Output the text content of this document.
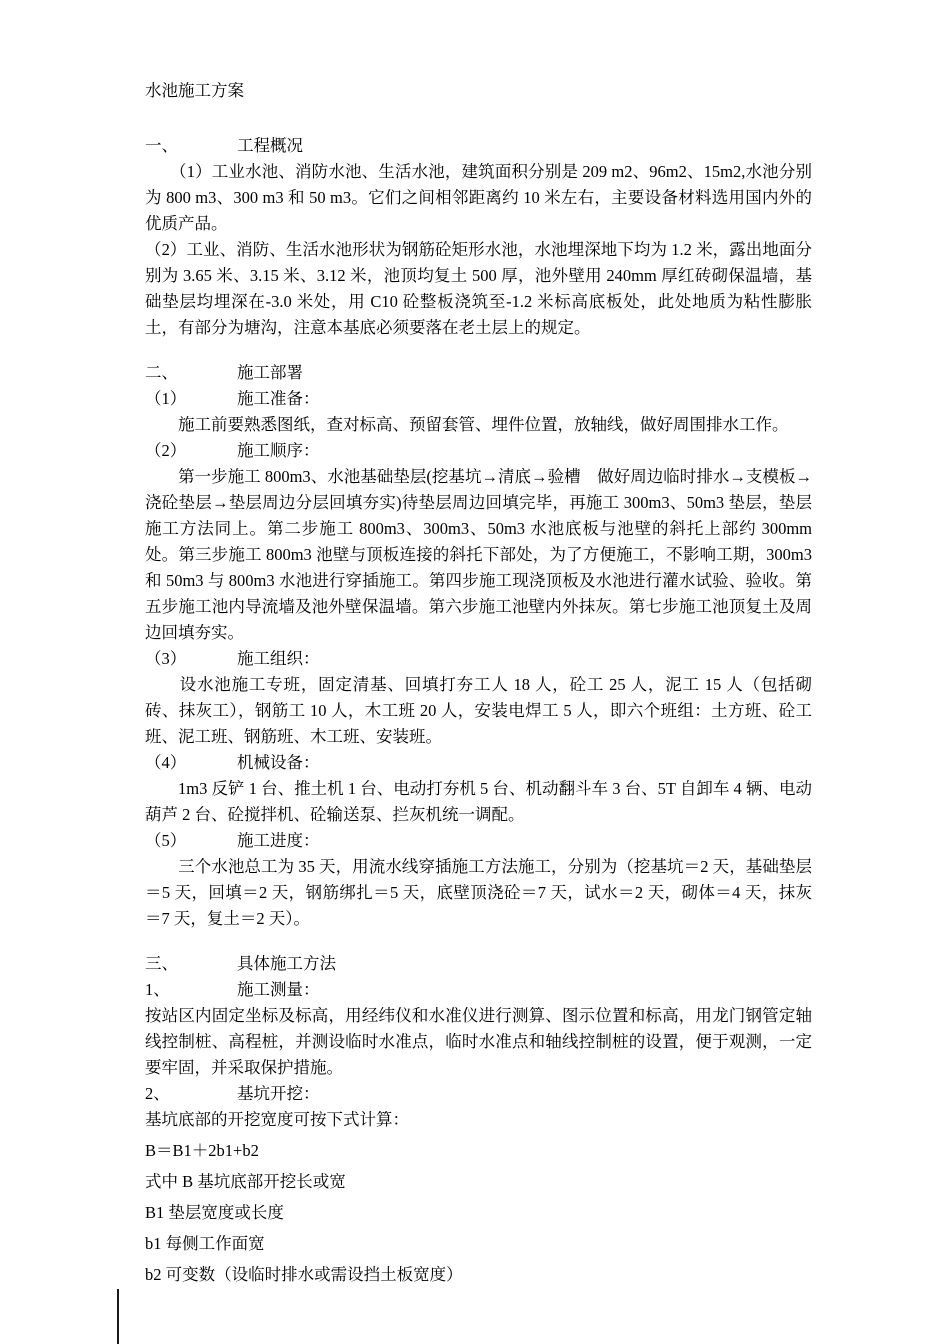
水池施工方案
一、	工程概况
　　（1）工业水池、消防水池、生活水池，建筑面积分别是 209 m2、96m2、15m2,水池分别为 800 m3、300 m3 和 50 m3。它们之间相邻距离约 10 米左右，主要设备材料选用国内外的优质产品。
（2）工业、消防、生活水池形状为钢筋砼矩形水池，水池埋深地下均为 1.2 米，露出地面分别为 3.65 米、3.15 米、3.12 米，池顶均复土 500 厚，池外壁用 240mm 厚红砖砌保温墙，基础垫层均埋深在-3.0 米处，用 C10 砼整板浇筑至-1.2 米标高底板处，此处地质为粘性膨胀土，有部分为塘沟，注意本基底必须要落在老土层上的规定。
二、	施工部署
（1）	施工准备：
　　施工前要熟悉图纸，查对标高、预留套管、埋件位置，放轴线，做好周围排水工作。
（2）	施工顺序：
　　第一步施工 800m3、水池基础垫层(挖基坑→清底→验槽　做好周边临时排水→支模板→浇砼垫层→垫层周边分层回填夯实)待垫层周边回填完毕，再施工 300m3、50m3 垫层，垫层施工方法同上。第二步施工 800m3、300m3、50m3 水池底板与池壁的斜托上部约 300mm 处。第三步施工 800m3 池壁与顶板连接的斜托下部处，为了方便施工，不影响工期，300m3 和 50m3 与 800m3 水池进行穿插施工。第四步施工现浇顶板及水池进行灌水试验、验收。第五步施工池内导流墙及池外壁保温墙。第六步施工池壁内外抹灰。第七步施工池顶复土及周边回填夯实。
（3）	施工组织：
　　设水池施工专班，固定清基、回填打夯工人 18 人，砼工 25 人，泥工 15 人（包括砌砖、抹灰工），钢筋工 10 人，木工班 20 人，安装电焊工 5 人，即六个班组：土方班、砼工班、泥工班、钢筋班、木工班、安装班。
（4）	机械设备：
　　1m3 反铲 1 台、推土机 1 台、电动打夯机 5 台、机动翻斗车 3 台、5T 自卸车 4 辆、电动葫芦 2 台、砼搅拌机、砼输送泵、拦灰机统一调配。
（5）	施工进度：
　　三个水池总工为 35 天，用流水线穿插施工方法施工，分别为（挖基坑＝2 天，基础垫层＝5 天，回填＝2 天，钢筋绑扎＝5 天，底壁顶浇砼＝7 天，试水＝2 天，砌体＝4 天，抹灰＝7 天，复土＝2 天）。
三、	具体施工方法
1、	施工测量：
按站区内固定坐标及标高，用经纬仪和水准仪进行测算、图示位置和标高，用龙门钢管定轴线控制桩、高程桩，并测设临时水准点，临时水准点和轴线控制桩的设置，便于观测，一定要牢固，并采取保护措施。
2、	基坑开挖：
基坑底部的开挖宽度可按下式计算：
B＝B1＋2b1+b2
式中 B 基坑底部开挖长或宽
B1 垫层宽度或长度
b1 每侧工作面宽
b2 可变数（设临时排水或需设挡土板宽度）
